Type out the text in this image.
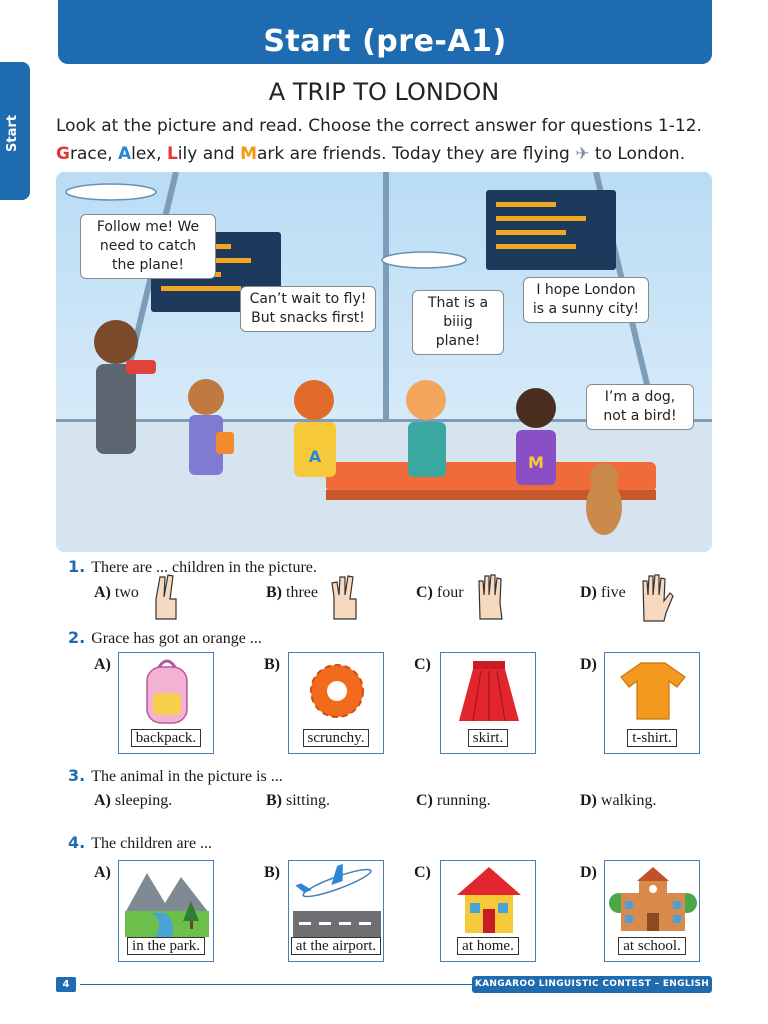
Start (pre-A1)
Start
A TRIP TO LONDON
Look at the picture and read. Choose the correct answer for questions 1-12.
Grace, Alex, Lily and Mark are friends. Today they are flying ✈ to London.
A	M
Follow me! We need to catch the plane!
Can’t wait to fly! But snacks first!
That is a biiig plane!
I hope London is a sunny city!
I’m a dog, not a bird!
1. There are ... children in the picture.
A) two	B) three	C) four	D) five
2. Grace has got an orange ...
A)
backpack.
B)
scrunchy.
C)
skirt.
D)
t-shirt.
3. The animal in the picture is ...
A) sleeping.	B) sitting.	C) running.	D) walking.
4. The children are ...
A)
in the park.
B)
at the airport.
C)
at home.
D)
at school.
4	KANGAROO LINGUISTIC CONTEST – ENGLISH
